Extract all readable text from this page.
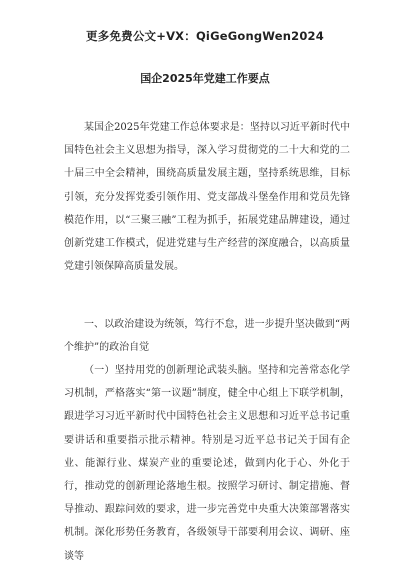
更多免费公文+VX：QiGeGongWen2024
国企2025年党建工作要点

某国企2025年党建工作总体要求是：坚持以习近平新时代中国特色社会主义思想为指导，深入学习贯彻党的二十大和党的二十届三中全会精神，围绕高质量发展主题，坚持系统思维，目标引领，充分发挥党委引领作用、党支部战斗堡垒作用和党员先锋模范作用，以“三聚三融”工程为抓手，拓展党建品牌建设，通过创新党建工作模式，促进党建与生产经营的深度融合，以高质量党建引领保障高质量发展。

一、以政治建设为统领，笃行不怠，进一步提升坚决做到“两个维护”的政治自觉

（一）坚持用党的创新理论武装头脑。坚持和完善常态化学习机制，严格落实“第一议题”制度，健全中心组上下联学机制，跟进学习习近平新时代中国特色社会主义思想和习近平总书记重要讲话和重要指示批示精神。特别是习近平总书记关于国有企业、能源行业、煤炭产业的重要论述，做到内化于心、外化于行，推动党的创新理论落地生根。按照学习研讨、制定措施、督导推动、跟踪问效的要求，进一步完善党中央重大决策部署落实机制。深化形势任务教育，各级领导干部要利用会议、调研、座谈等
